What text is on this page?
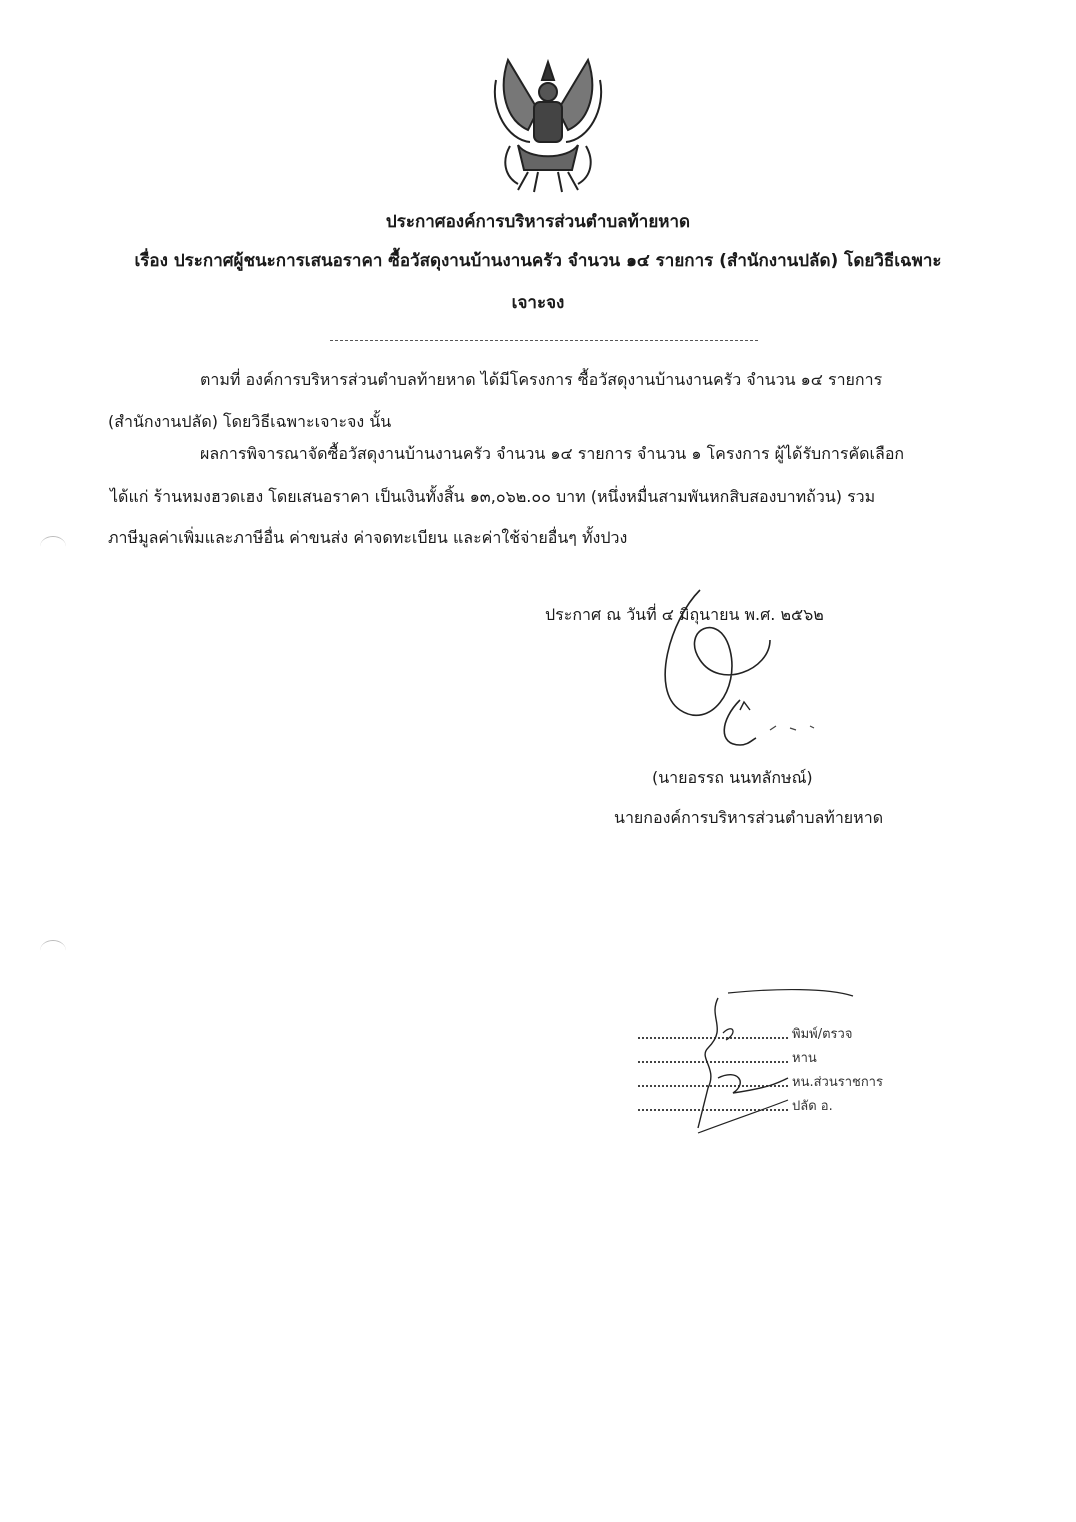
ประกาศองค์การบริหารส่วนตำบลท้ายหาด
เรื่อง ประกาศผู้ชนะการเสนอราคา ซื้อวัสดุงานบ้านงานครัว จำนวน ๑๔ รายการ (สำนักงานปลัด) โดยวิธีเฉพาะ
เจาะจง
ตามที่ องค์การบริหารส่วนตำบลท้ายหาด ได้มีโครงการ ซื้อวัสดุงานบ้านงานครัว จำนวน ๑๔ รายการ
(สำนักงานปลัด) โดยวิธีเฉพาะเจาะจง นั้น
ผลการพิจารณาจัดซื้อวัสดุงานบ้านงานครัว จำนวน ๑๔ รายการ จำนวน ๑ โครงการ ผู้ได้รับการคัดเลือก
ได้แก่ ร้านหมงฮวดเฮง โดยเสนอราคา เป็นเงินทั้งสิ้น ๑๓,๐๖๒.๐๐ บาท (หนึ่งหมื่นสามพันหกสิบสองบาทถ้วน) รวม
ภาษีมูลค่าเพิ่มและภาษีอื่น ค่าขนส่ง ค่าจดทะเบียน และค่าใช้จ่ายอื่นๆ ทั้งปวง
ประกาศ ณ วันที่ ๔ มิถุนายน พ.ศ. ๒๕๖๒
(นายอรรถ นนทลักษณ์)
นายกองค์การบริหารส่วนตำบลท้ายหาด
พิมพ์/ตรวจ
หาน
หน.ส่วนราชการ
ปลัด อ.
